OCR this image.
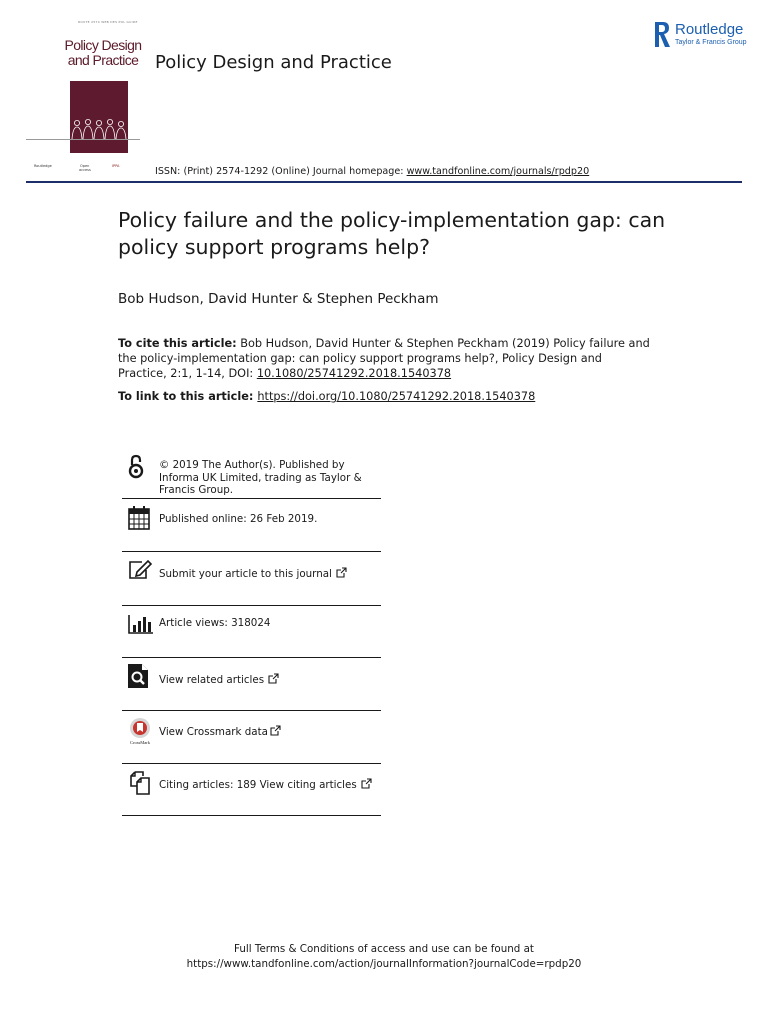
ROUTE 2574 WEB DES POL GUIDE
Policy Design
and Practice
Routledge	Open
access
IPPA
Policy Design and Practice
Routledge
Taylor & Francis Group
ISSN: (Print) 2574-1292 (Online) Journal homepage: www.tandfonline.com/journals/rpdp20
Policy failure and the policy-implementation gap: can policy support programs help?
Bob Hudson, David Hunter & Stephen Peckham
To cite this article: Bob Hudson, David Hunter & Stephen Peckham (2019) Policy failure and the policy-implementation gap: can policy support programs help?, Policy Design and Practice, 2:1, 1-14, DOI: 10.1080/25741292.2018.1540378
To link to this article: https://doi.org/10.1080/25741292.2018.1540378
© 2019 The Author(s). Published by Informa UK Limited, trading as Taylor & Francis Group.
Published online: 26 Feb 2019.
Submit your article to this journal
Article views: 318024
View related articles
CrossMark
View Crossmark data
Citing articles: 189 View citing articles
Full Terms & Conditions of access and use can be found at
https://www.tandfonline.com/action/journalInformation?journalCode=rpdp20
